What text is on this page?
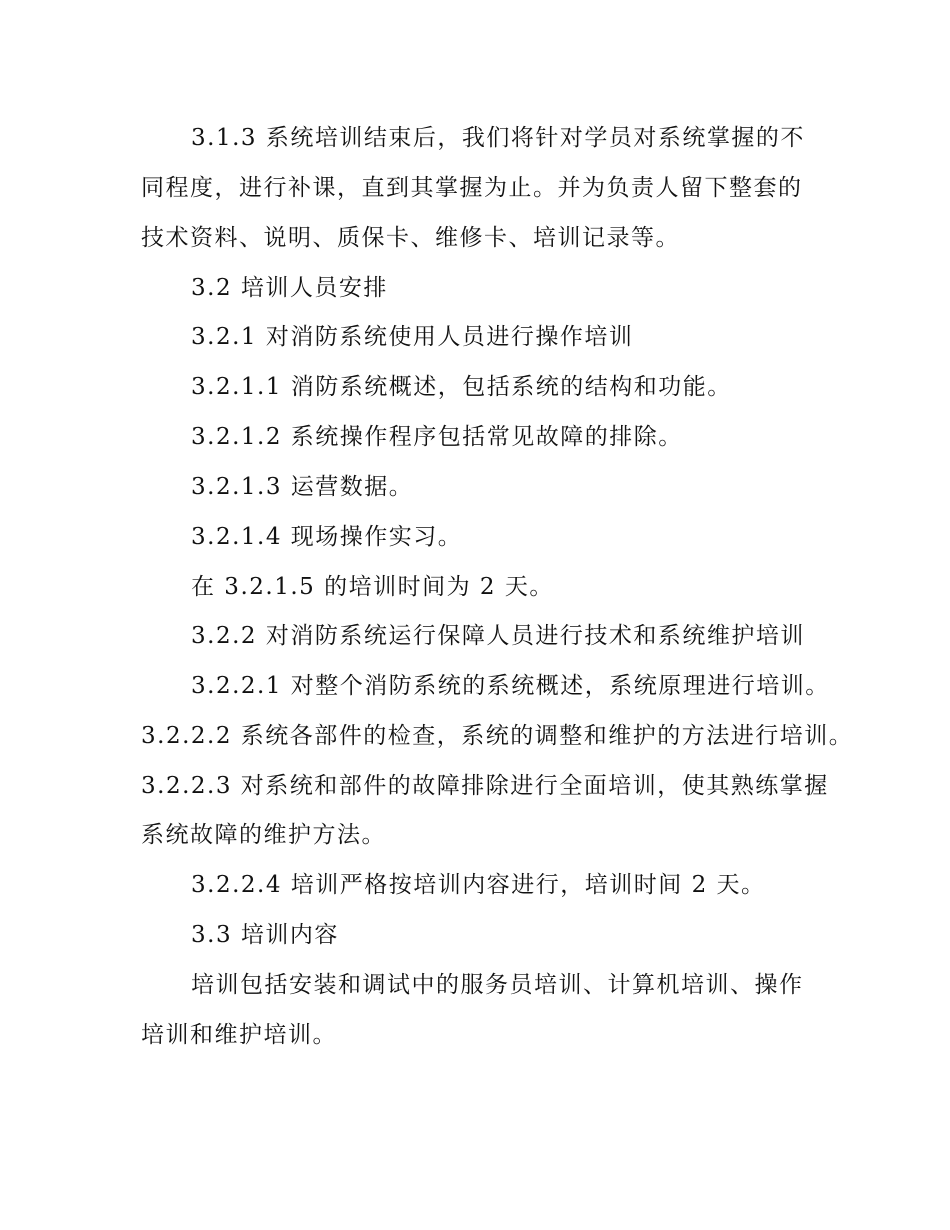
3.1.3 系统培训结束后，我们将针对学员对系统掌握的不
同程度，进行补课，直到其掌握为止。并为负责人留下整套的
技术资料、说明、质保卡、维修卡、培训记录等。
3.2 培训人员安排
3.2.1 对消防系统使用人员进行操作培训
3.2.1.1 消防系统概述，包括系统的结构和功能。
3.2.1.2 系统操作程序包括常见故障的排除。
3.2.1.3 运营数据。
3.2.1.4 现场操作实习。
在 3.2.1.5 的培训时间为 2 天。
3.2.2 对消防系统运行保障人员进行技术和系统维护培训
3.2.2.1 对整个消防系统的系统概述，系统原理进行培训。
3.2.2.2 系统各部件的检查，系统的调整和维护的方法进行培训。
3.2.2.3 对系统和部件的故障排除进行全面培训，使其熟练掌握
系统故障的维护方法。
3.2.2.4 培训严格按培训内容进行，培训时间 2 天。
3.3 培训内容
培训包括安装和调试中的服务员培训、计算机培训、操作
培训和维护培训。
